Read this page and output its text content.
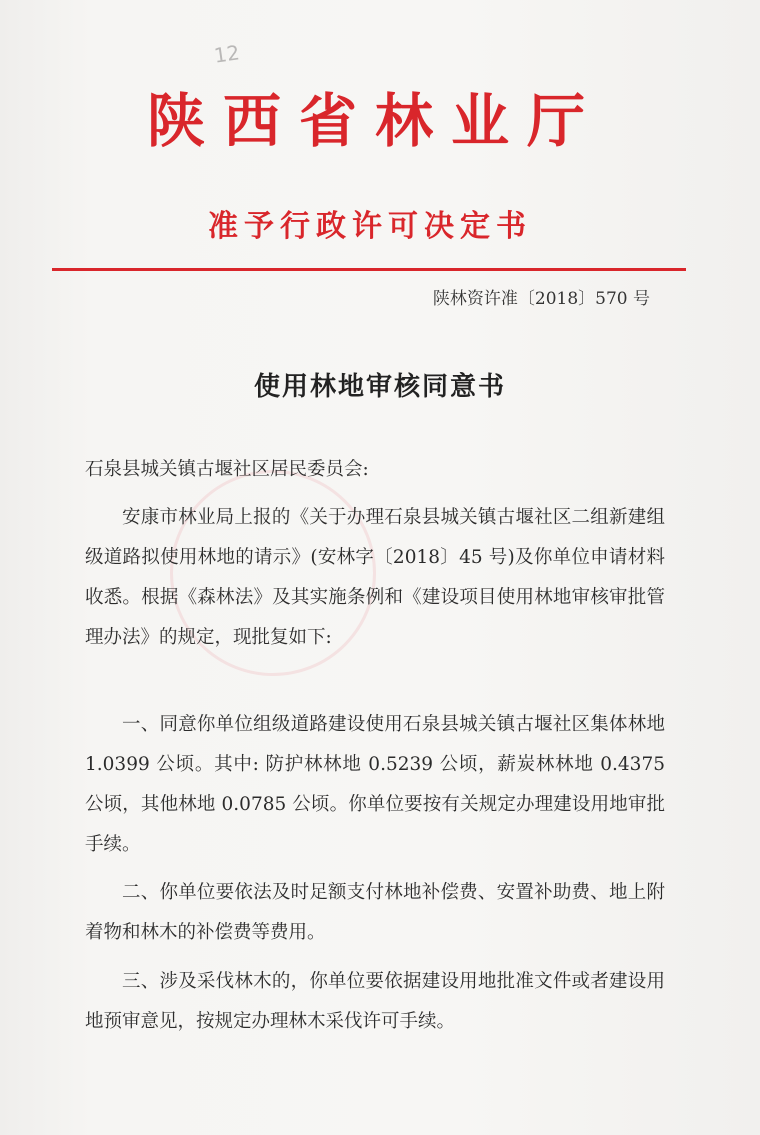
12
陕西省林业厅
准予行政许可决定书
陕林资许准〔2018〕570 号
使用林地审核同意书

石泉县城关镇古堰社区居民委员会:

安康市林业局上报的《关于办理石泉县城关镇古堰社区二组新建组级道路拟使用林地的请示》(安林字〔2018〕45 号)及你单位申请材料收悉。根据《森林法》及其实施条例和《建设项目使用林地审核审批管理办法》的规定，现批复如下:

一、同意你单位组级道路建设使用石泉县城关镇古堰社区集体林地 1.0399 公顷。其中: 防护林林地 0.5239 公顷，薪炭林林地 0.4375 公顷，其他林地 0.0785 公顷。你单位要按有关规定办理建设用地审批手续。

二、你单位要依法及时足额支付林地补偿费、安置补助费、地上附着物和林木的补偿费等费用。

三、涉及采伐林木的，你单位要依据建设用地批准文件或者建设用地预审意见，按规定办理林木采伐许可手续。
